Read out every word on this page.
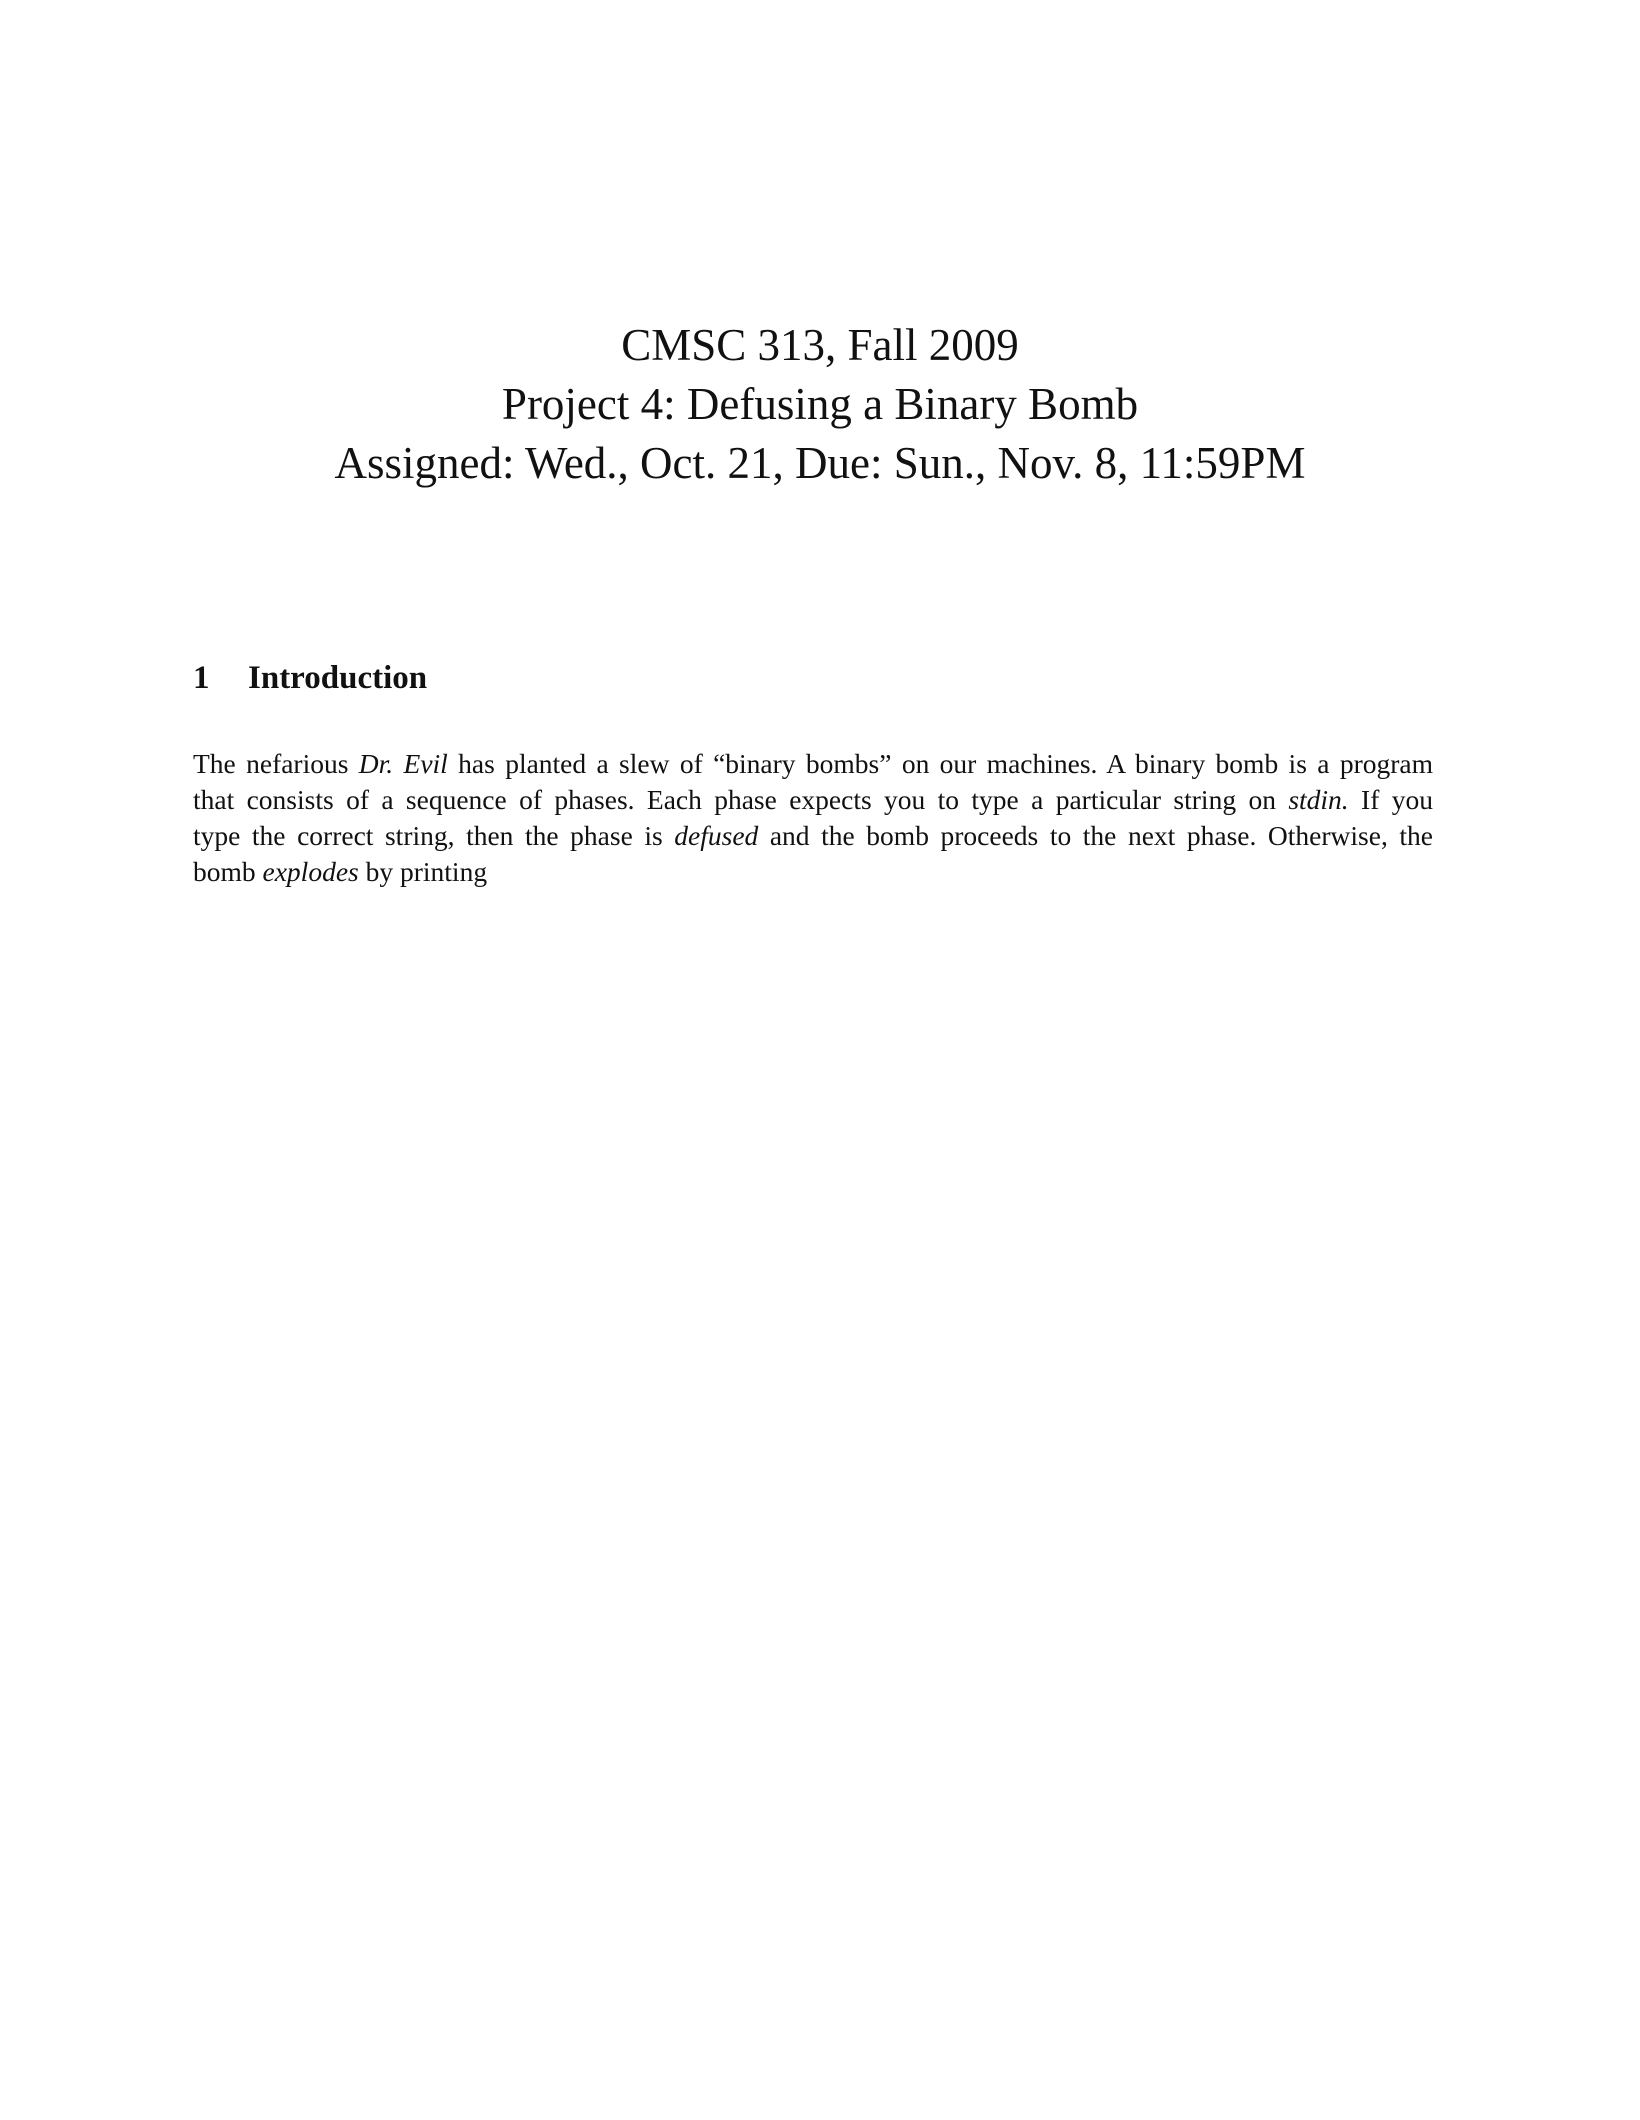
CMSC 313, Fall 2009
Project 4: Defusing a Binary Bomb
Assigned: Wed., Oct. 21, Due: Sun., Nov. 8, 11:59PM
1 Introduction
The nefarious Dr. Evil has planted a slew of “binary bombs” on our machines. A binary bomb is a program
that consists of a sequence of phases. Each phase expects you to type a particular string on stdin. If you
type the correct string, then the phase is defused and the bomb proceeds to the next phase. Otherwise, the
bomb explodes by printing
